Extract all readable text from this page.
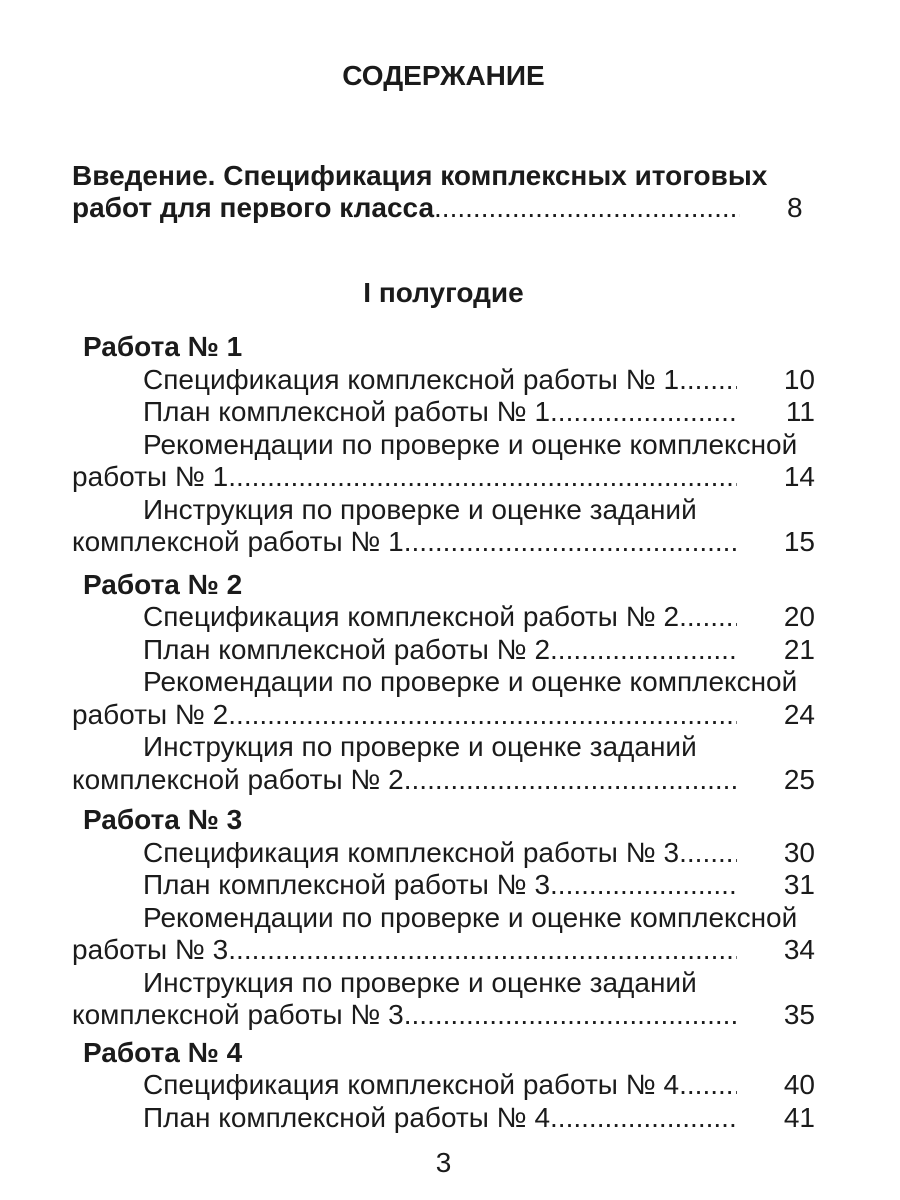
СОДЕРЖАНИЕ
Введение. Спецификация комплексных итоговых
работ для первого класса .....	8
I полугодие
Работа № 1
Спецификация комплексной работы № 1 .....	10
План комплексной работы № 1 .....	11
Рекомендации по проверке и оценке комплексной
работы № 1 .....	14
Инструкция по проверке и оценке заданий
комплексной работы № 1 .....	15
Работа № 2
Спецификация комплексной работы № 2 .....	20
План комплексной работы № 2 .....	21
Рекомендации по проверке и оценке комплексной
работы № 2 .....	24
Инструкция по проверке и оценке заданий
комплексной работы № 2 .....	25
Работа № 3
Спецификация комплексной работы № 3 .....	30
План комплексной работы № 3 .....	31
Рекомендации по проверке и оценке комплексной
работы № 3 .....	34
Инструкция по проверке и оценке заданий
комплексной работы № 3 .....	35
Работа № 4
Спецификация комплексной работы № 4 .....	40
План комплексной работы № 4 .....	41
3
